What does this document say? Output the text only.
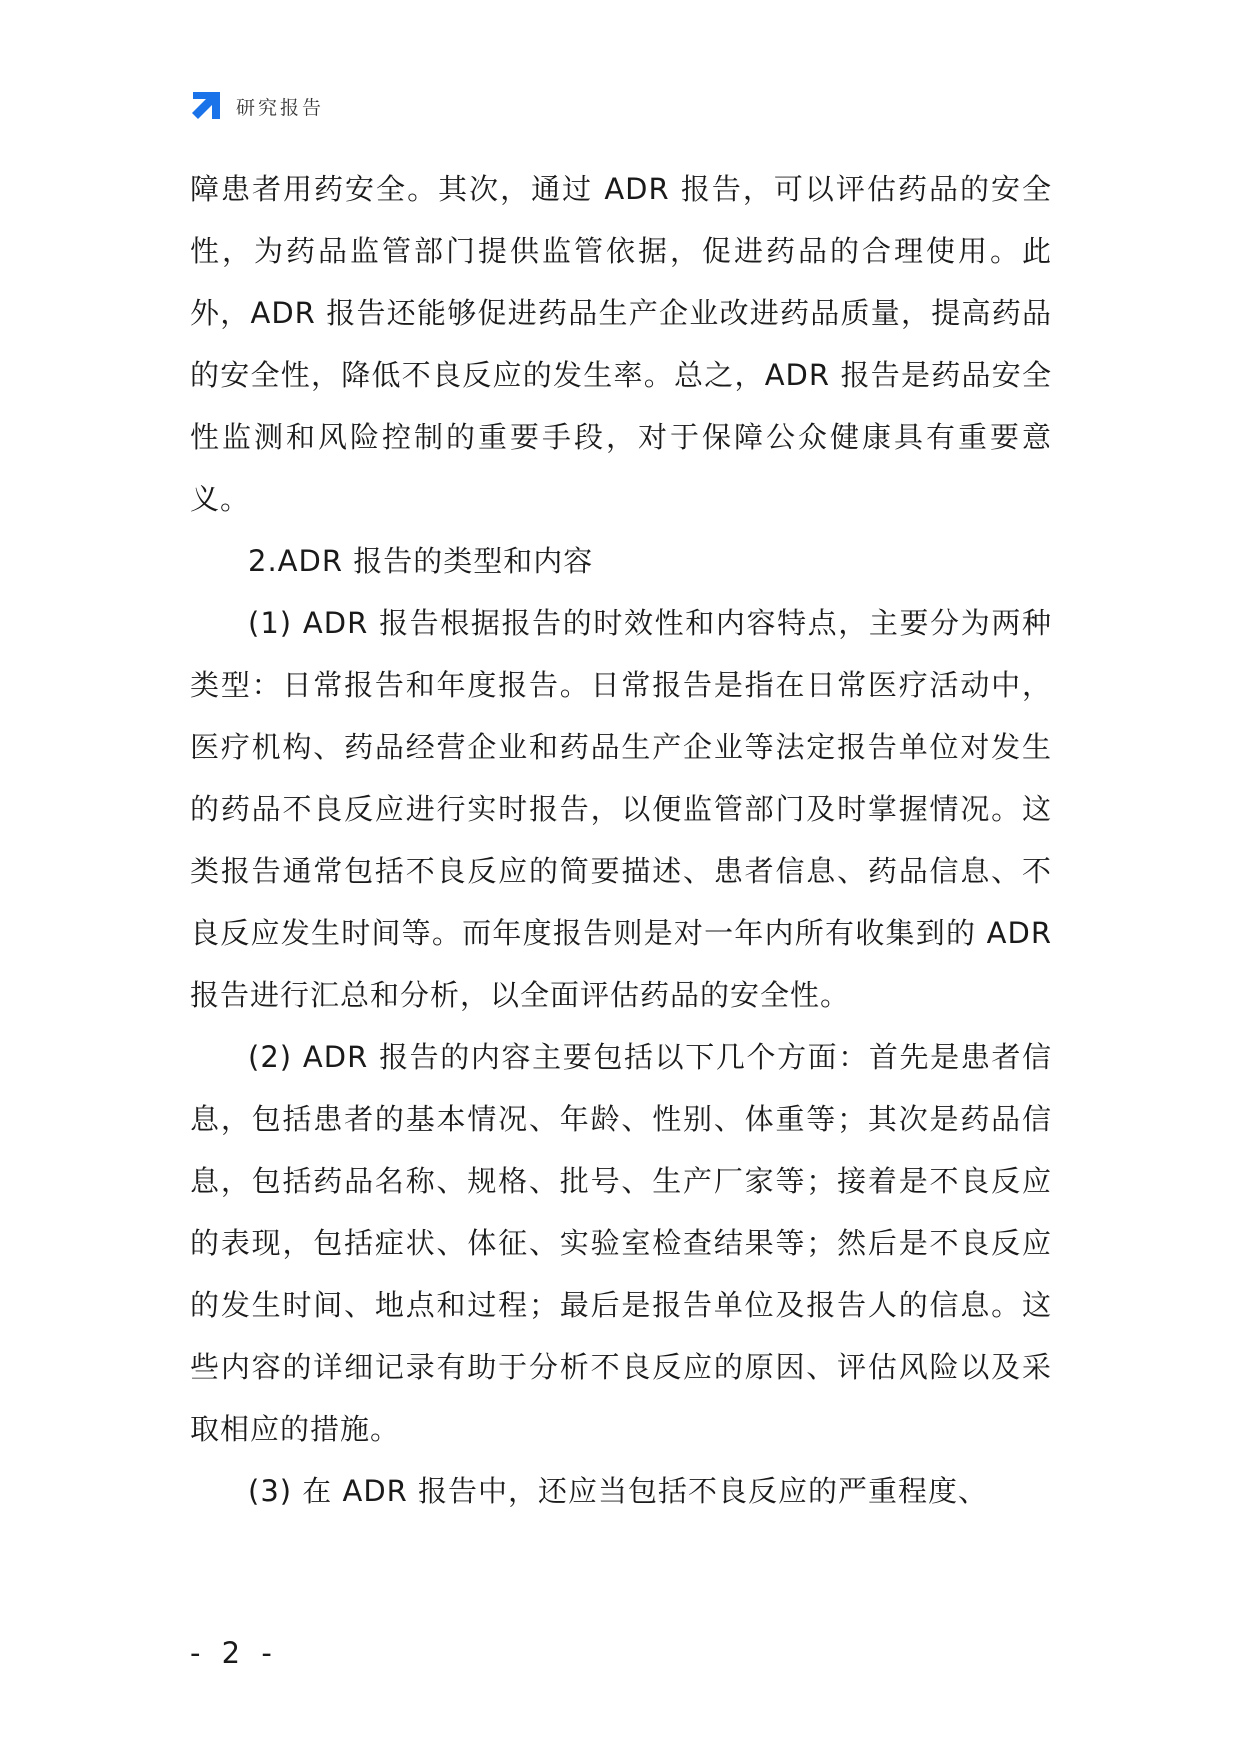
研究报告

障患者用药安全。其次，通过 ADR 报告，可以评估药品的安全性，为药品监管部门提供监管依据，促进药品的合理使用。此外，ADR 报告还能够促进药品生产企业改进药品质量，提高药品的安全性，降低不良反应的发生率。总之，ADR 报告是药品安全性监测和风险控制的重要手段，对于保障公众健康具有重要意义。

2.ADR 报告的类型和内容

(1) ADR 报告根据报告的时效性和内容特点，主要分为两种类型：日常报告和年度报告。日常报告是指在日常医疗活动中，医疗机构、药品经营企业和药品生产企业等法定报告单位对发生的药品不良反应进行实时报告，以便监管部门及时掌握情况。这类报告通常包括不良反应的简要描述、患者信息、药品信息、不良反应发生时间等。而年度报告则是对一年内所有收集到的 ADR 报告进行汇总和分析，以全面评估药品的安全性。

(2) ADR 报告的内容主要包括以下几个方面：首先是患者信息，包括患者的基本情况、年龄、性别、体重等；其次是药品信息，包括药品名称、规格、批号、生产厂家等；接着是不良反应的表现，包括症状、体征、实验室检查结果等；然后是不良反应的发生时间、地点和过程；最后是报告单位及报告人的信息。这些内容的详细记录有助于分析不良反应的原因、评估风险以及采取相应的措施。

(3) 在 ADR 报告中，还应当包括不良反应的严重程度、

- 2 -
